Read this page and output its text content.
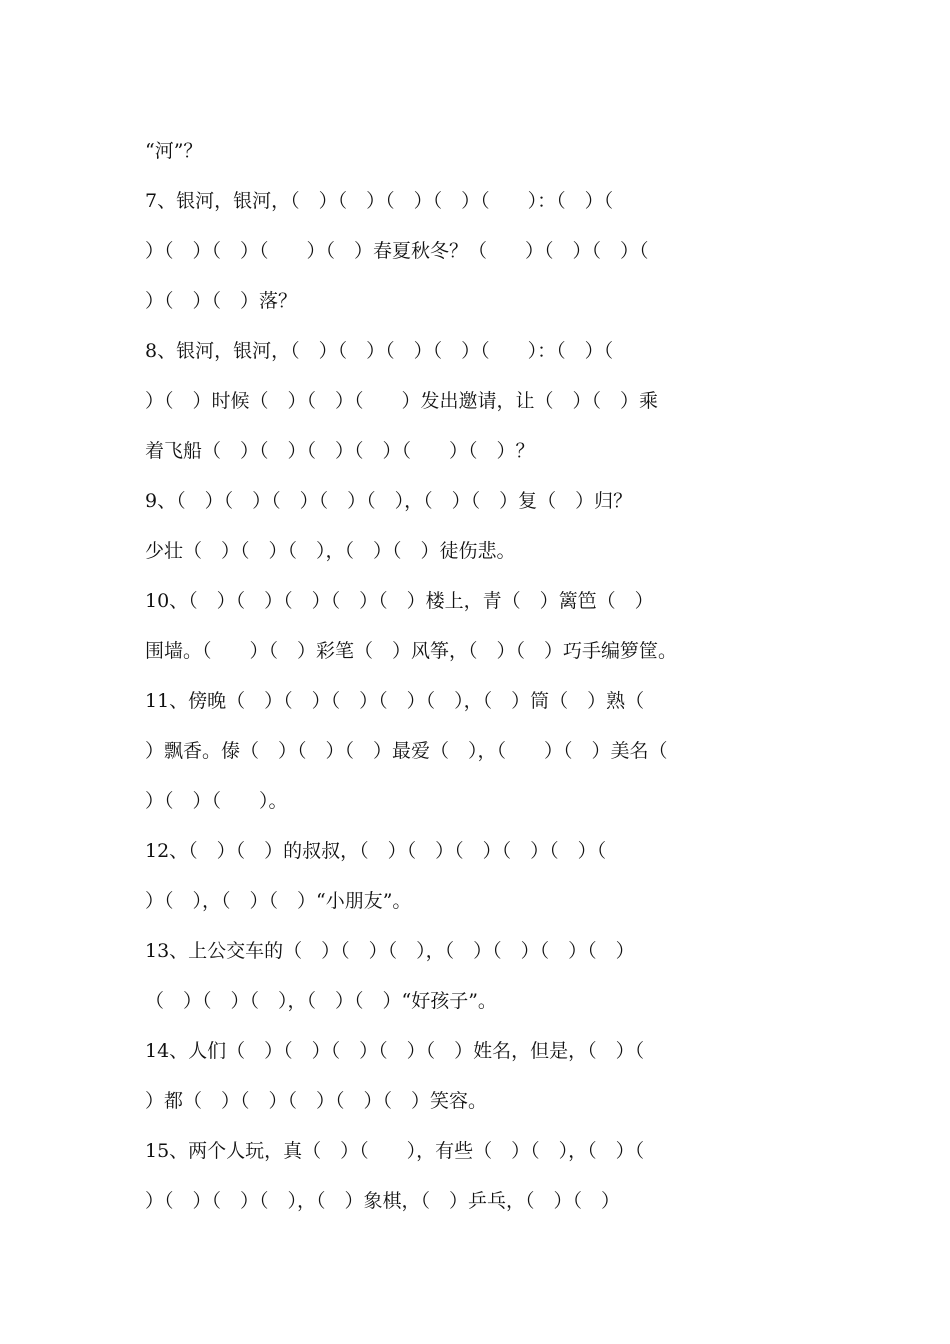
“河”？
7、银河，银河，（　）（　）（　）（　）（　　）：（　）（
）（　）（　）（　　）（　）春夏秋冬？（　　）（　）（　）（
）（　）（　）落？
8、银河，银河，（　）（　）（　）（　）（　　）：（　）（
）（　）时候（　）（　）（　　）发出邀请，让（　）（　）乘
着飞船（　）（　）（　）（　）（　　）（　）？
9、（　）（　）（　）（　）（　），（　）（　）复（　）归？
少壮（　）（　）（　），（　）（　）徒伤悲。
10、（　）（　）（　）（　）（　）楼上，青（　）篱笆（　）
围墙。（　　）（　）彩笔（　）风筝，（　）（　）巧手编箩筐。
11、傍晚（　）（　）（　）（　）（　），（　）筒（　）熟（
）飘香。傣（　）（　）（　）最爱（　），（　　）（　）美名（
）（　）（　　）。
12、（　）（　）的叔叔，（　）（　）（　）（　）（　）（
）（　），（　）（　）“小朋友”。
13、上公交车的（　）（　）（　），（　）（　）（　）（　）
（　）（　）（　），（　）（　）“好孩子”。
14、人们（　）（　）（　）（　）（　）姓名，但是，（　）（
）都（　）（　）（　）（　）（　）笑容。
15、两个人玩，真（　）（　　），有些（　）（　），（　）（
）（　）（　）（　），（　）象棋，（　）乒乓，（　）（　）
